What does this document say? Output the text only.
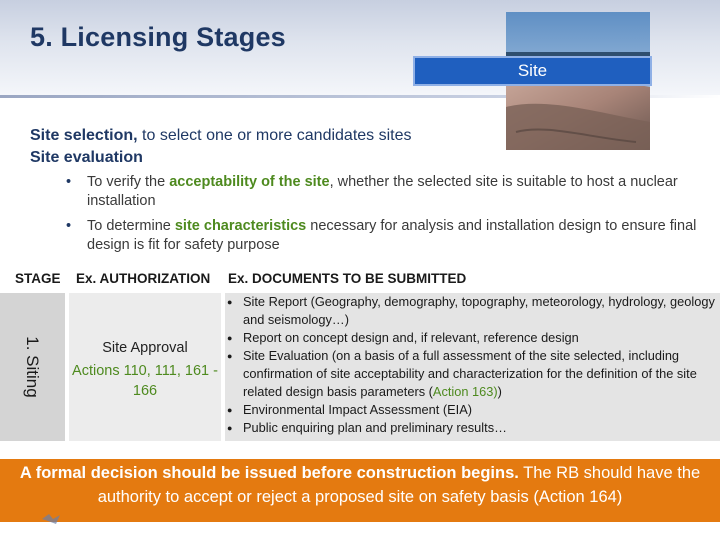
5. Licensing Stages
Site
Site selection, to select one or more candidates sites
Site evaluation
• To verify the acceptability of the site, whether the selected site is suitable to host a nuclear installation
• To determine site characteristics necessary for analysis and installation design to ensure final design is fit for safety purpose
STAGE Ex. AUTHORIZATION Ex. DOCUMENTS TO BE SUBMITTED
1. Siting	Site Approval
Actions 110, 111, 161 - 166
● Site Report (Geography, demography, topography, meteorology, hydrology, geology and seismology…)
● Report on concept design and, if relevant, reference design
● Site Evaluation (on a basis of a full assessment of the site selected, including confirmation of site acceptability and characterization for the definition of the site related design basis parameters (Action 163))
● Environmental Impact Assessment (EIA)
● Public enquiring plan and preliminary results…
A formal decision should be issued before construction begins. The RB should have the authority to accept or reject a proposed site on safety basis (Action 164)
